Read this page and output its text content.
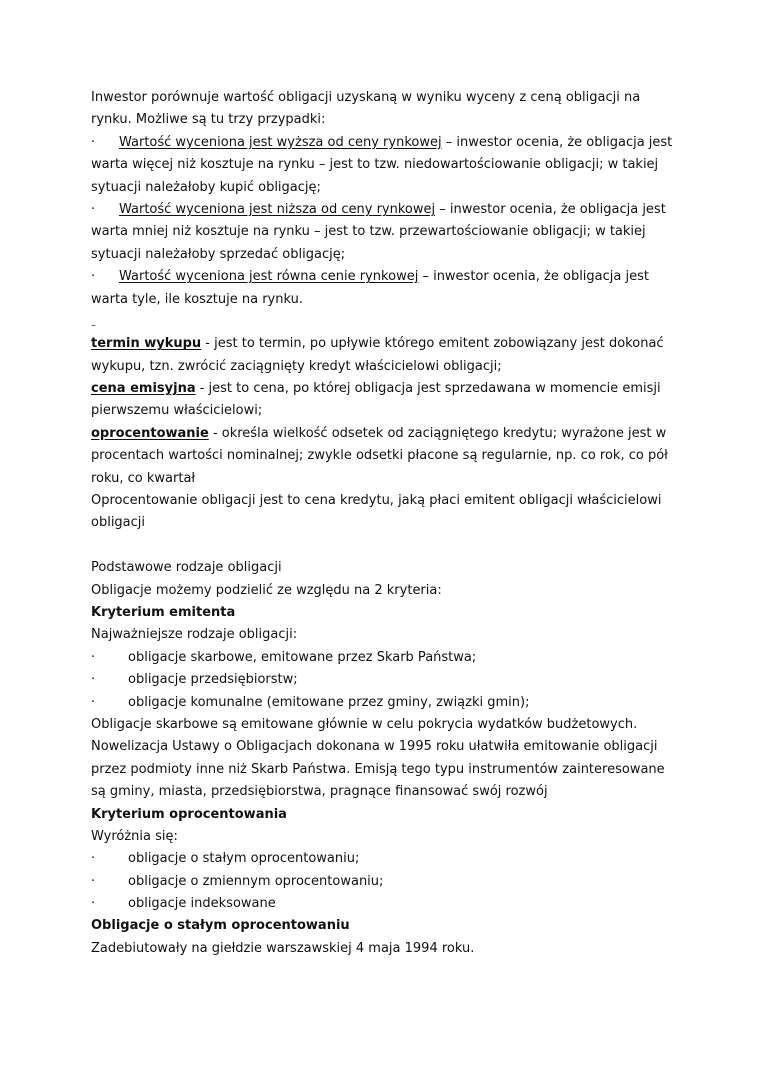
Inwestor porównuje wartość obligacji uzyskaną w wyniku wyceny z ceną obligacji na
rynku. Możliwe są tu trzy przypadki:
· Wartość wyceniona jest wyższa od ceny rynkowej – inwestor ocenia, że obligacja jest
warta więcej niż kosztuje na rynku – jest to tzw. niedowartościowanie obligacji; w takiej
sytuacji należałoby kupić obligację;
· Wartość wyceniona jest niższa od ceny rynkowej – inwestor ocenia, że obligacja jest
warta mniej niż kosztuje na rynku – jest to tzw. przewartościowanie obligacji; w takiej
sytuacji należałoby sprzedać obligację;
· Wartość wyceniona jest równa cenie rynkowej – inwestor ocenia, że obligacja jest
warta tyle, ile kosztuje na rynku.
–
termin wykupu - jest to termin, po upływie którego emitent zobowiązany jest dokonać
wykupu, tzn. zwrócić zaciągnięty kredyt właścicielowi obligacji;
cena emisyjna - jest to cena, po której obligacja jest sprzedawana w momencie emisji
pierwszemu właścicielowi;
oprocentowanie - określa wielkość odsetek od zaciągniętego kredytu; wyrażone jest w
procentach wartości nominalnej; zwykle odsetki płacone są regularnie, np. co rok, co pół
roku, co kwartał
Oprocentowanie obligacji jest to cena kredytu, jaką płaci emitent obligacji właścicielowi
obligacji
Podstawowe rodzaje obligacji
Obligacje możemy podzielić ze względu na 2 kryteria:
Kryterium emitenta
Najważniejsze rodzaje obligacji:
·	obligacje skarbowe, emitowane przez Skarb Państwa;
·	obligacje przedsiębiorstw;
·	obligacje komunalne (emitowane przez gminy, związki gmin);
Obligacje skarbowe są emitowane głównie w celu pokrycia wydatków budżetowych.
Nowelizacja Ustawy o Obligacjach dokonana w 1995 roku ułatwiła emitowanie obligacji
przez podmioty inne niż Skarb Państwa. Emisją tego typu instrumentów zainteresowane
są gminy, miasta, przedsiębiorstwa, pragnące finansować swój rozwój
Kryterium oprocentowania
Wyróżnia się:
·	obligacje o stałym oprocentowaniu;
·	obligacje o zmiennym oprocentowaniu;
·	obligacje indeksowane
Obligacje o stałym oprocentowaniu
Zadebiutowały na giełdzie warszawskiej 4 maja 1994 roku.
